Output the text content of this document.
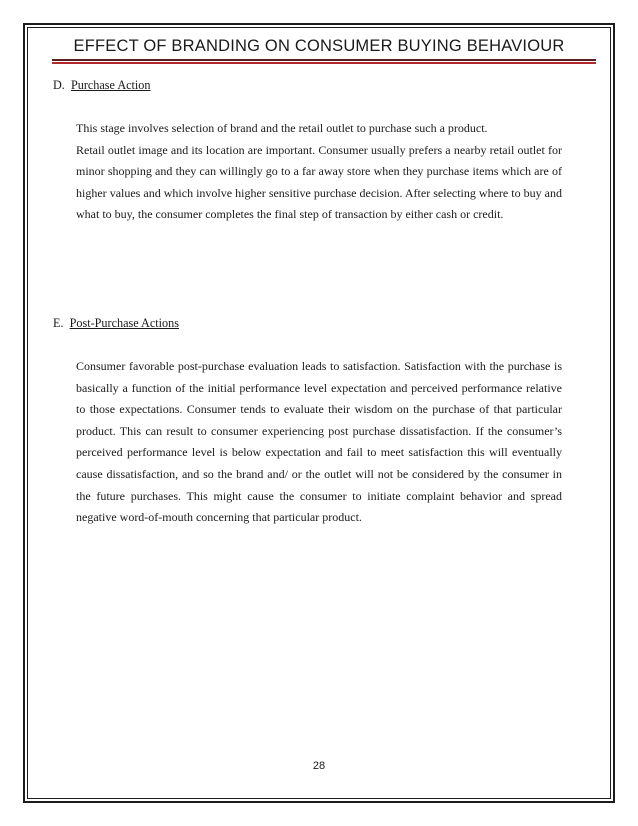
EFFECT OF BRANDING ON CONSUMER BUYING BEHAVIOUR
D. Purchase Action

This stage involves selection of brand and the retail outlet to purchase such a product.

Retail outlet image and its location are important. Consumer usually prefers a nearby retail outlet for minor shopping and they can willingly go to a far away store when they purchase items which are of higher values and which involve higher sensitive purchase decision. After selecting where to buy and what to buy, the consumer completes the final step of transaction by either cash or credit.

E. Post-Purchase Actions

Consumer favorable post-purchase evaluation leads to satisfaction. Satisfaction with the purchase is basically a function of the initial performance level expectation and perceived performance relative to those expectations. Consumer tends to evaluate their wisdom on the purchase of that particular product. This can result to consumer experiencing post purchase dissatisfaction. If the consumer’s perceived performance level is below expectation and fail to meet satisfaction this will eventually cause dissatisfaction, and so the brand and/ or the outlet will not be considered by the consumer in the future purchases. This might cause the consumer to initiate complaint behavior and spread negative word-of-mouth concerning that particular product.

28
